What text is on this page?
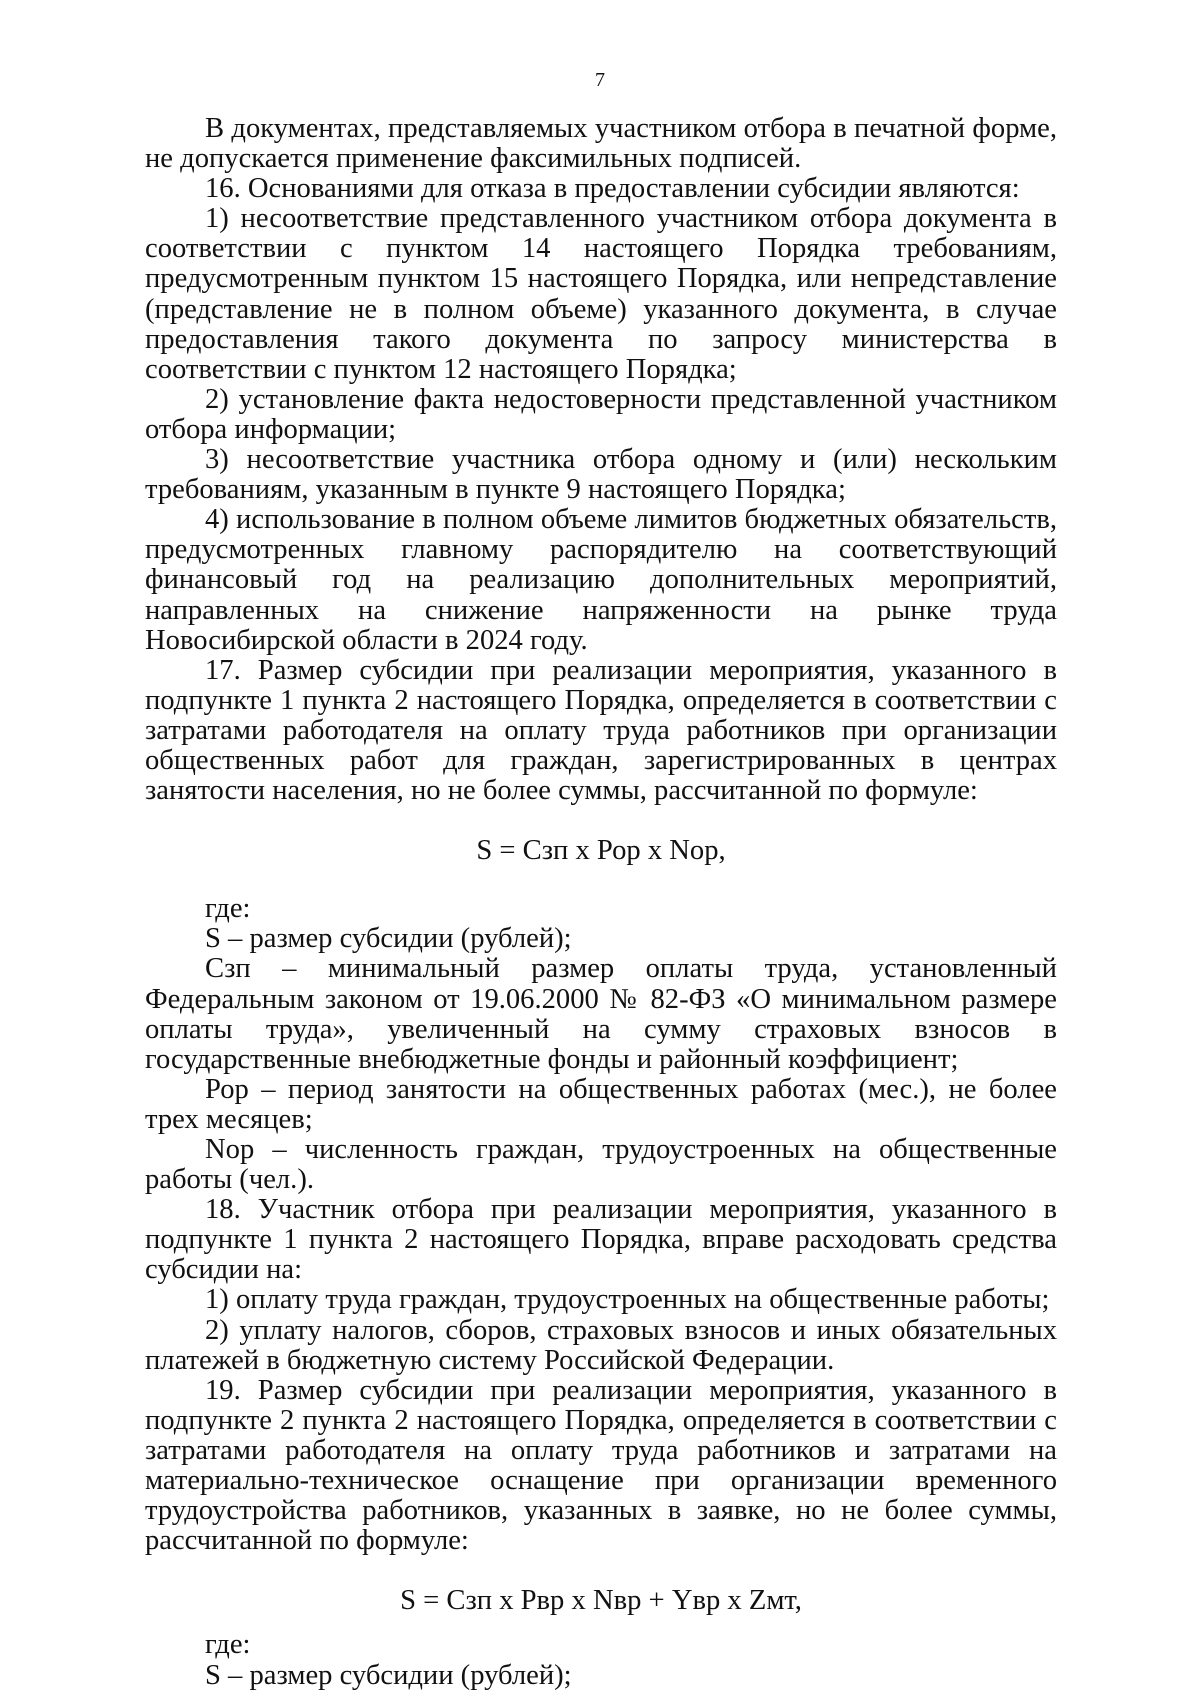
7

В документах, представляемых участником отбора в печатной форме, не допускается применение факсимильных подписей.

16. Основаниями для отказа в предоставлении субсидии являются:

1) несоответствие представленного участником отбора документа в соответствии с пунктом 14 настоящего Порядка требованиям, предусмотренным пунктом 15 настоящего Порядка, или непредставление (представление не в полном объеме) указанного документа, в случае предоставления такого документа по запросу министерства в соответствии с пунктом 12 настоящего Порядка;

2) установление факта недостоверности представленной участником отбора информации;

3) несоответствие участника отбора одному и (или) нескольким требованиям, указанным в пункте 9 настоящего Порядка;

4) использование в полном объеме лимитов бюджетных обязательств, предусмотренных главному распорядителю на соответствующий финансовый год на реализацию дополнительных мероприятий, направленных на снижение напряженности на рынке труда Новосибирской области в 2024 году.

17. Размер субсидии при реализации мероприятия, указанного в подпункте 1 пункта 2 настоящего Порядка, определяется в соответствии с затратами работодателя на оплату труда работников при организации общественных работ для граждан, зарегистрированных в центрах занятости населения, но не более суммы, рассчитанной по формуле:

S = Сзп х Рор х Nор,

где:

S – размер субсидии (рублей);

Сзп – минимальный размер оплаты труда, установленный Федеральным законом от 19.06.2000 № 82-ФЗ «О минимальном размере оплаты труда», увеличенный на сумму страховых взносов в государственные внебюджетные фонды и районный коэффициент;

Рор – период занятости на общественных работах (мес.), не более трех месяцев;

Nор – численность граждан, трудоустроенных на общественные работы (чел.).

18. Участник отбора при реализации мероприятия, указанного в подпункте 1 пункта 2 настоящего Порядка, вправе расходовать средства субсидии на:

1) оплату труда граждан, трудоустроенных на общественные работы;

2) уплату налогов, сборов, страховых взносов и иных обязательных платежей в бюджетную систему Российской Федерации.

19. Размер субсидии при реализации мероприятия, указанного в подпункте 2 пункта 2 настоящего Порядка, определяется в соответствии с затратами работодателя на оплату труда работников и затратами на материально-техническое оснащение при организации временного трудоустройства работников, указанных в заявке, но не более суммы, рассчитанной по формуле:

S = Сзп х Рвр х Nвр + Yвр х Zмт,

где:

S – размер субсидии (рублей);
